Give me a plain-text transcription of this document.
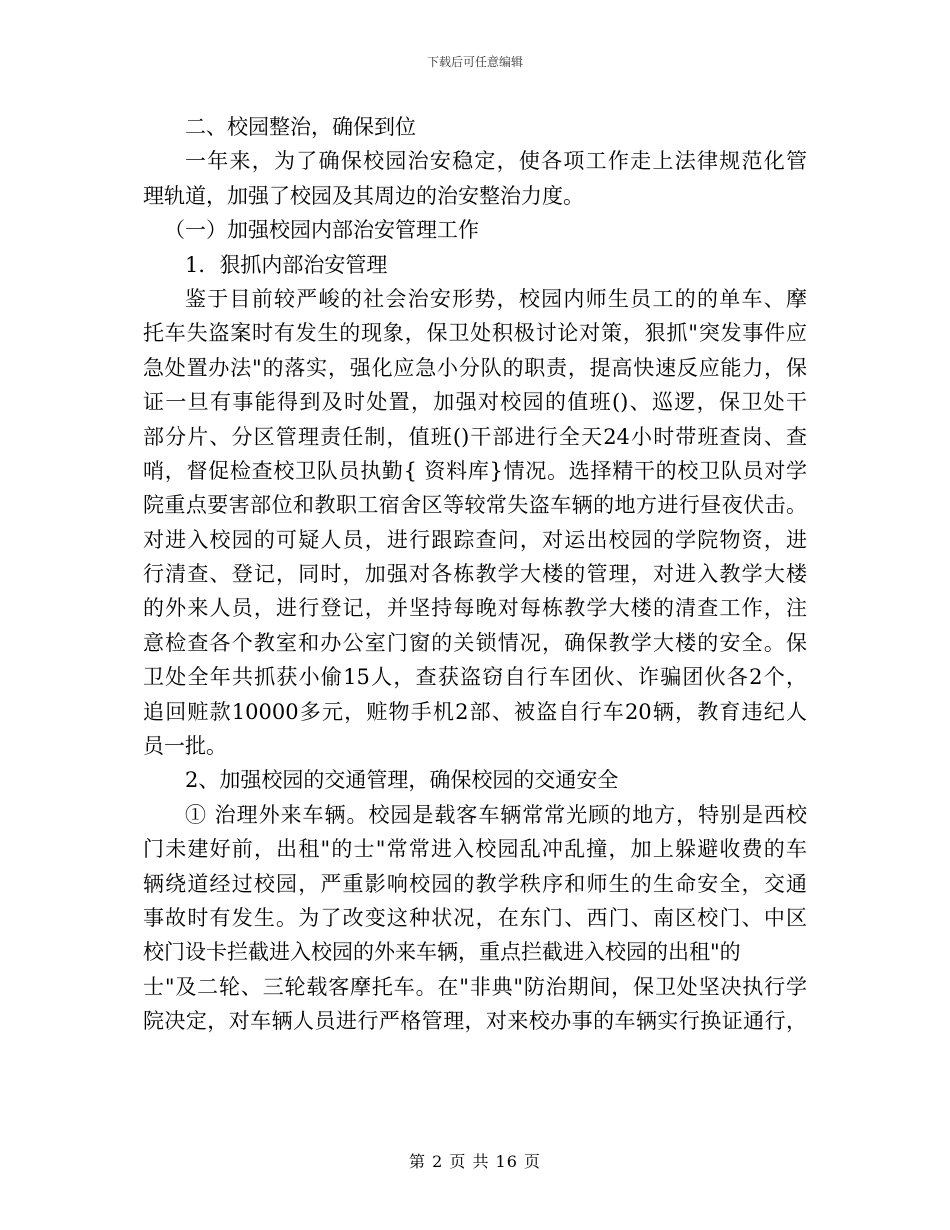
下载后可任意编辑
二、校园整治，确保到位
一年来，为了确保校园治安稳定，使各项工作走上法律规范化管
理轨道，加强了校园及其周边的治安整治力度。
（一）加强校园内部治安管理工作
1．狠抓内部治安管理
鉴于目前较严峻的社会治安形势，校园内师生员工的的单车、摩
托车失盗案时有发生的现象，保卫处积极讨论对策，狠抓"突发事件应
急处置办法"的落实，强化应急小分队的职责，提高快速反应能力，保
证一旦有事能得到及时处置，加强对校园的值班()、巡逻，保卫处干
部分片、分区管理责任制，值班()干部进行全天24小时带班查岗、查
哨，督促检查校卫队员执勤{ 资料库}情况。选择精干的校卫队员对学
院重点要害部位和教职工宿舍区等较常失盗车辆的地方进行昼夜伏击。
对进入校园的可疑人员，进行跟踪查问，对运出校园的学院物资，进
行清查、登记，同时，加强对各栋教学大楼的管理，对进入教学大楼
的外来人员，进行登记，并坚持每晚对每栋教学大楼的清查工作，注
意检查各个教室和办公室门窗的关锁情况，确保教学大楼的安全。保
卫处全年共抓获小偷15人，查获盗窃自行车团伙、诈骗团伙各2个，
追回赃款10000多元，赃物手机2部、被盗自行车20辆，教育违纪人
员一批。
2、加强校园的交通管理，确保校园的交通安全
① 治理外来车辆。校园是载客车辆常常光顾的地方，特别是西校
门未建好前，出租"的士"常常进入校园乱冲乱撞，加上躲避收费的车
辆绕道经过校园，严重影响校园的教学秩序和师生的生命安全，交通
事故时有发生。为了改变这种状况，在东门、西门、南区校门、中区
校门设卡拦截进入校园的外来车辆，重点拦截进入校园的出租"的
士"及二轮、三轮载客摩托车。在"非典"防治期间，保卫处坚决执行学
院决定，对车辆人员进行严格管理，对来校办事的车辆实行换证通行，
第 2 页 共 16 页
